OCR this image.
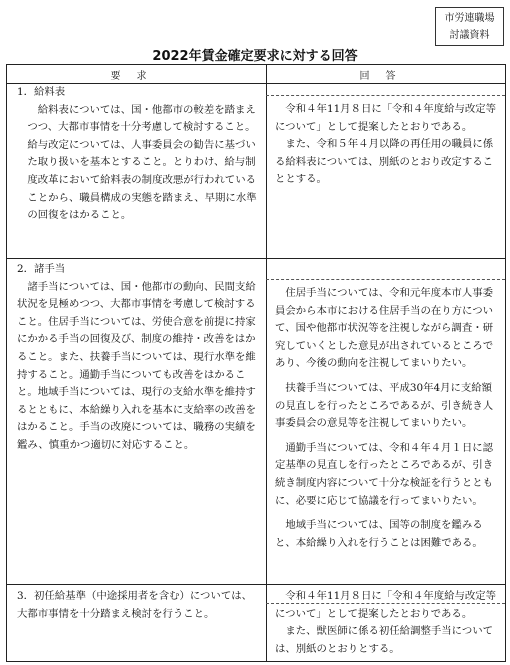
市労連職場
討議資料
2022年賃金確定要求に対する回答
要求	回答

1．給料表

給料表については、国・他都市の較差を踏まえつつ、大都市事情を十分考慮して検討すること。給与改定については、人事委員会の勧告に基づいた取り扱いを基本とすること。とりわけ、給与制度改革において給料表の制度改悪が行われていることから、職員構成の実態を踏まえ、早期に水準の回復をはかること。

令和４年11月８日に「令和４年度給与改定等について」として提案したとおりである。

また、令和５年４月以降の再任用の職員に係る給料表については、別紙のとおり改定することとする。

2．諸手当

諸手当については、国・他都市の動向、民間支給状況を見極めつつ、大都市事情を考慮して検討すること。住居手当については、労使合意を前提に持家にかかる手当の回復及び、制度の維持・改善をはかること。また、扶養手当については、現行水準を維持すること。通勤手当についても改善をはかること。地域手当については、現行の支給水準を維持するとともに、本給繰り入れを基本に支給率の改善をはかること。手当の改廃については、職務の実績を鑑み、慎重かつ適切に対応すること。

住居手当については、令和元年度本市人事委員会から本市における住居手当の在り方について、国や他都市状況等を注視しながら調査・研究していくとした意見が出されているところであり、今後の動向を注視してまいりたい。

扶養手当については、平成30年4月に支給額の見直しを行ったところであるが、引き続き人事委員会の意見等を注視してまいりたい。

通勤手当については、令和４年４月１日に認定基準の見直しを行ったところであるが、引き続き制度内容について十分な検証を行うとともに、必要に応じて協議を行ってまいりたい。

地域手当については、国等の制度を鑑みると、本給繰り入れを行うことは困難である。

3．初任給基準（中途採用者を含む）については、大都市事情を十分踏まえ検討を行うこと。

令和４年11月８日に「令和４年度給与改定等について」として提案したとおりである。

また、獣医師に係る初任給調整手当については、別紙のとおりとする。
